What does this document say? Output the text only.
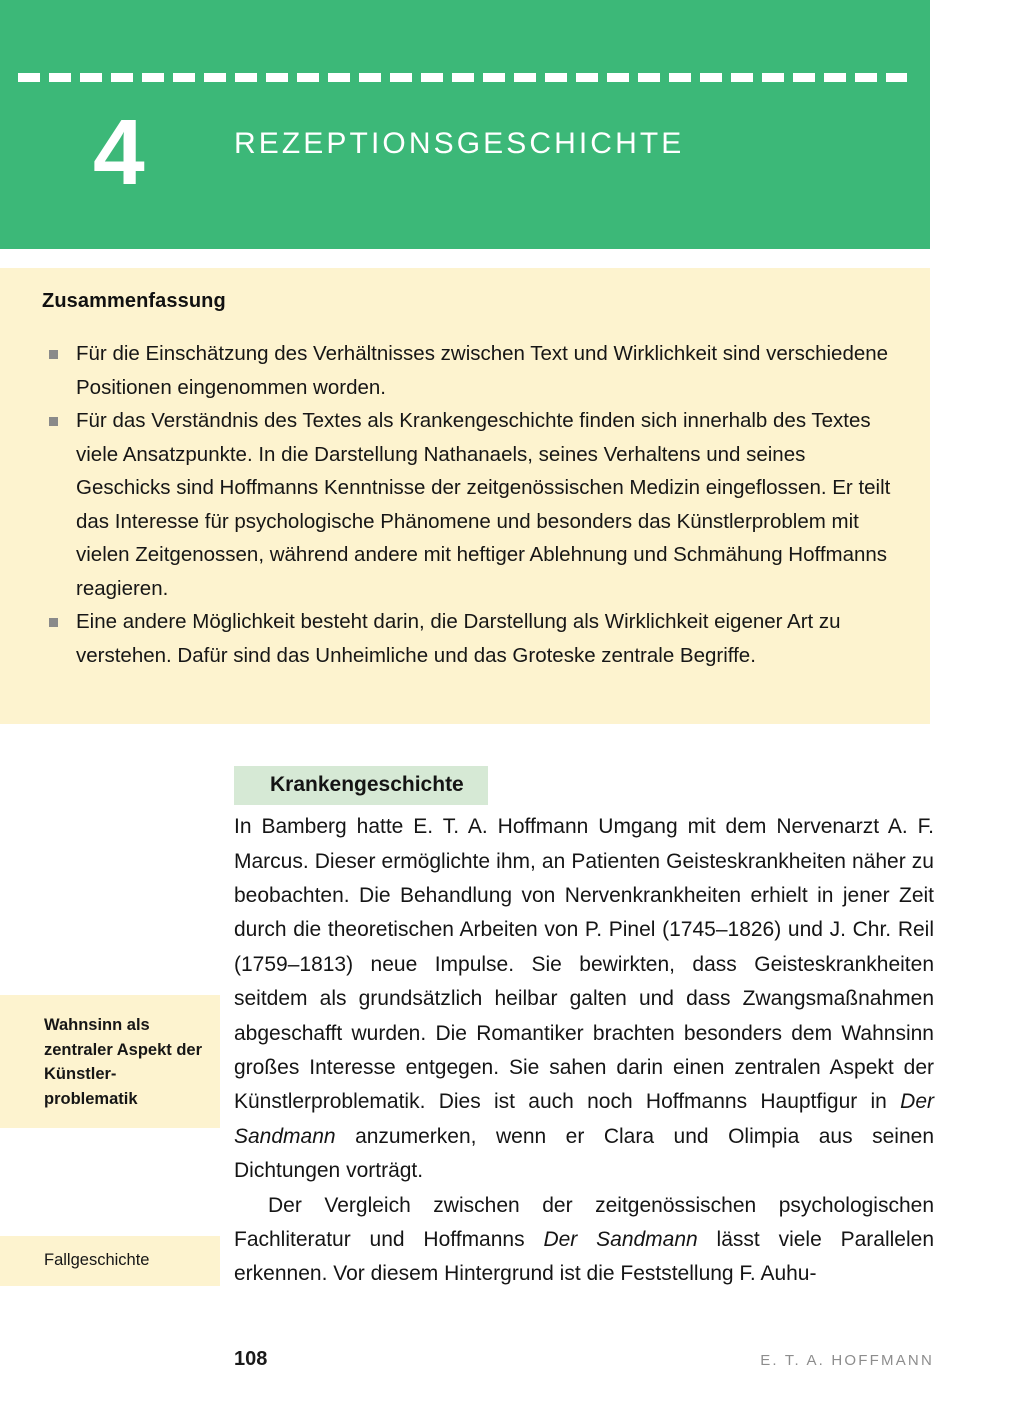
4	REZEPTIONSGESCHICHTE
Zusammenfassung
Für die Einschätzung des Verhältnisses zwischen Text und Wirklichkeit sind verschiedene Positionen eingenommen worden.
Für das Verständnis des Textes als Krankengeschichte finden sich innerhalb des Textes viele Ansatzpunkte. In die Darstellung Nathanaels, seines Verhaltens und seines Geschicks sind Hoffmanns Kenntnisse der zeitgenössischen Medizin eingeflossen. Er teilt das Interesse für psychologische Phänomene und besonders das Künstlerproblem mit vielen Zeitgenossen, während andere mit heftiger Ablehnung und Schmähung Hoffmanns reagieren.
Eine andere Möglichkeit besteht darin, die Darstellung als Wirklichkeit eigener Art zu verstehen. Dafür sind das Unheimliche und das Groteske zentrale Begriffe.
Wahnsinn als zentraler Aspekt der Künstler-problematik
Fallgeschichte
Krankengeschichte

In Bamberg hatte E. T. A. Hoffmann Umgang mit dem Nervenarzt A. F. Marcus. Dieser ermöglichte ihm, an Patienten Geisteskrankheiten näher zu beobachten. Die Behandlung von Nervenkrankheiten erhielt in jener Zeit durch die theoretischen Arbeiten von P. Pinel (1745–1826) und J. Chr. Reil (1759–1813) neue Impulse. Sie bewirkten, dass Geisteskrankheiten seitdem als grundsätzlich heilbar galten und dass Zwangsmaßnahmen abgeschafft wurden. Die Romantiker brachten besonders dem Wahnsinn großes Interesse entgegen. Sie sahen darin einen zentralen Aspekt der Künstlerproblematik. Dies ist auch noch Hoffmanns Hauptfigur in Der Sandmann anzumerken, wenn er Clara und Olimpia aus seinen Dichtungen vorträgt.

Der Vergleich zwischen der zeitgenössischen psychologischen Fachliteratur und Hoffmanns Der Sandmann lässt viele Parallelen erkennen. Vor diesem Hintergrund ist die Feststellung F. Auhu-

108	E. T. A. HOFFMANN
